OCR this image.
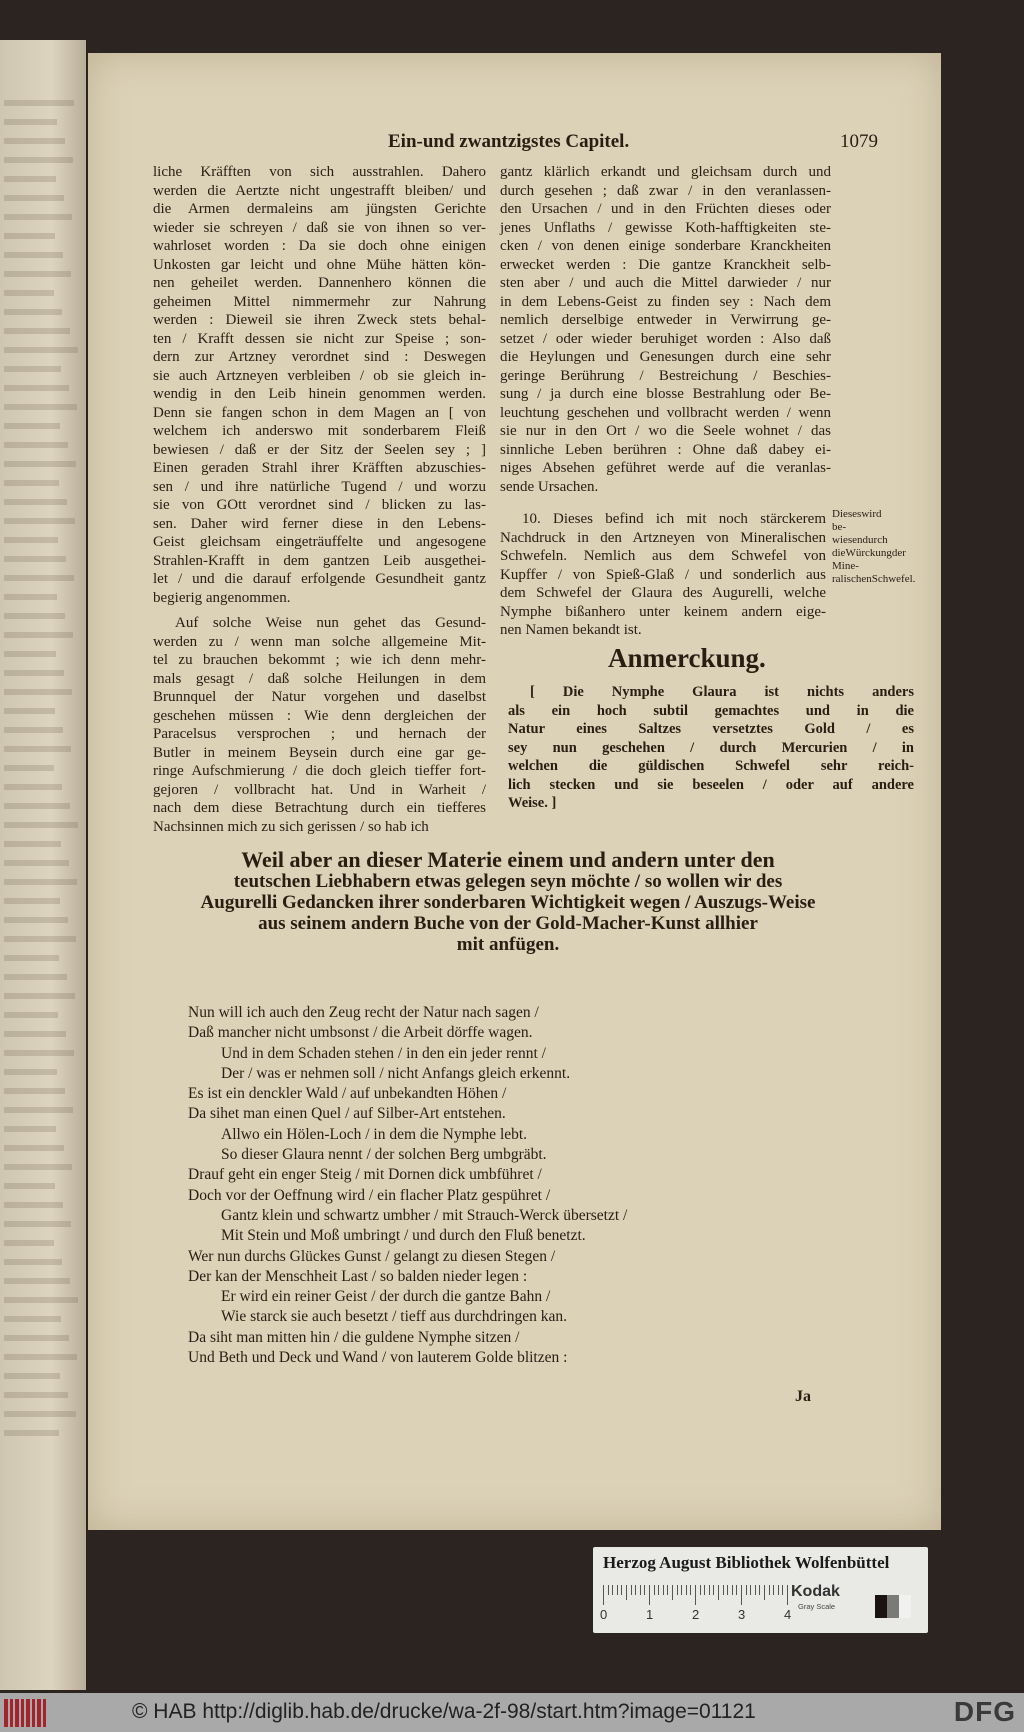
Ein-und zwantzigstes Capitel.	1079
liche Kräfften von sich ausstrahlen. Dahero
werden die Aertzte nicht ungestrafft bleiben/ und
die Armen dermaleins am jüngsten Gerichte
wieder sie schreyen / daß sie von ihnen so ver-
wahrloset worden : Da sie doch ohne einigen
Unkosten gar leicht und ohne Mühe hätten kön-
nen geheilet werden. Dannenhero können die
geheimen Mittel nimmermehr zur Nahrung
werden : Dieweil sie ihren Zweck stets behal-
ten / Krafft dessen sie nicht zur Speise ; son-
dern zur Artzney verordnet sind : Deswegen
sie auch Artzneyen verbleiben / ob sie gleich in-
wendig in den Leib hinein genommen werden.
Denn sie fangen schon in dem Magen an [ von
welchem ich anderswo mit sonderbarem Fleiß
bewiesen / daß er der Sitz der Seelen sey ; ]
Einen geraden Strahl ihrer Kräfften abzuschies-
sen / und ihre natürliche Tugend / und worzu
sie von GOtt verordnet sind / blicken zu las-
sen. Daher wird ferner diese in den Lebens-
Geist gleichsam eingeträuffelte und angesogene
Strahlen-Krafft in dem gantzen Leib ausgethei-
let / und die darauf erfolgende Gesundheit gantz
begierig angenommen.
Auf solche Weise nun gehet das Gesund-
werden zu / wenn man solche allgemeine Mit-
tel zu brauchen bekommt ; wie ich denn mehr-
mals gesagt / daß solche Heilungen in dem
Brunnquel der Natur vorgehen und daselbst
geschehen müssen : Wie denn dergleichen der
Paracelsus versprochen ; und hernach der
Butler in meinem Beysein durch eine gar ge-
ringe Aufschmierung / die doch gleich tieffer fort-
gejoren / vollbracht hat. Und in Warheit /
nach dem diese Betrachtung durch ein tiefferes
Nachsinnen mich zu sich gerissen / so hab ich
gantz klärlich erkandt und gleichsam durch und
durch gesehen ; daß zwar / in den veranlassen-
den Ursachen / und in den Früchten dieses oder
jenes Unflaths / gewisse Koth-hafftigkeiten ste-
cken / von denen einige sonderbare Kranckheiten
erwecket werden : Die gantze Kranckheit selb-
sten aber / und auch die Mittel darwieder / nur
in dem Lebens-Geist zu finden sey : Nach dem
nemlich derselbige entweder in Verwirrung ge-
setzet / oder wieder beruhiget worden : Also daß
die Heylungen und Genesungen durch eine sehr
geringe Berührung / Bestreichung / Beschies-
sung / ja durch eine blosse Bestrahlung oder Be-
leuchtung geschehen und vollbracht werden / wenn
sie nur in den Ort / wo die Seele wohnet / das
sinnliche Leben berühren : Ohne daß dabey ei-
niges Absehen geführet werde auf die veranlas-
sende Ursachen.
10. Dieses befind ich mit noch stärckerem
Nachdruck in den Artzneyen von Mineralischen
Schwefeln. Nemlich aus dem Schwefel von
Kupffer / von Spieß-Glaß / und sonderlich aus
dem Schwefel der Glaura des Augurelli, welche
Nymphe bißanhero unter keinem andern eige-
nen Namen bekandt ist.
Dieseswird be-wiesendurch dieWürckungder Mine-ralischenSchwefel.
Anmerckung.
[ Die Nymphe Glaura ist nichts anders
als ein hoch subtil gemachtes und in die
Natur eines Saltzes versetztes Gold / es
sey nun geschehen / durch Mercurien / in
welchen die güldischen Schwefel sehr reich-
lich stecken und sie beseelen / oder auf andere
Weise. ]
Weil aber an dieser Materie einem und andern unter den
teutschen Liebhabern etwas gelegen seyn möchte / so wollen wir des
Augurelli Gedancken ihrer sonderbaren Wichtigkeit wegen / Auszugs-Weise
aus seinem andern Buche von der Gold-Macher-Kunst allhier
mit anfügen.
Nun will ich auch den Zeug recht der Natur nach sagen /
Daß mancher nicht umbsonst / die Arbeit dörffe wagen.
Und in dem Schaden stehen / in den ein jeder rennt /
Der / was er nehmen soll / nicht Anfangs gleich erkennt.
Es ist ein denckler Wald / auf unbekandten Höhen /
Da sihet man einen Quel / auf Silber-Art entstehen.
Allwo ein Hölen-Loch / in dem die Nymphe lebt.
So dieser Glaura nennt / der solchen Berg umbgräbt.
Drauf geht ein enger Steig / mit Dornen dick umbführet /
Doch vor der Oeffnung wird / ein flacher Platz gespühret /
Gantz klein und schwartz umbher / mit Strauch-Werck übersetzt /
Mit Stein und Moß umbringt / und durch den Fluß benetzt.
Wer nun durchs Glückes Gunst / gelangt zu diesen Stegen /
Der kan der Menschheit Last / so balden nieder legen :
Er wird ein reiner Geist / der durch die gantze Bahn /
Wie starck sie auch besetzt / tieff aus durchdringen kan.
Da siht man mitten hin / die guldene Nymphe sitzen /
Und Beth und Deck und Wand / von lauterem Golde blitzen :
Ja
Herzog August Bibliothek Wolfenbüttel
0	1	2	3	4
Kodak
Gray Scale
© HAB http://diglib.hab.de/drucke/wa-2f-98/start.htm?image=01121	DFG
